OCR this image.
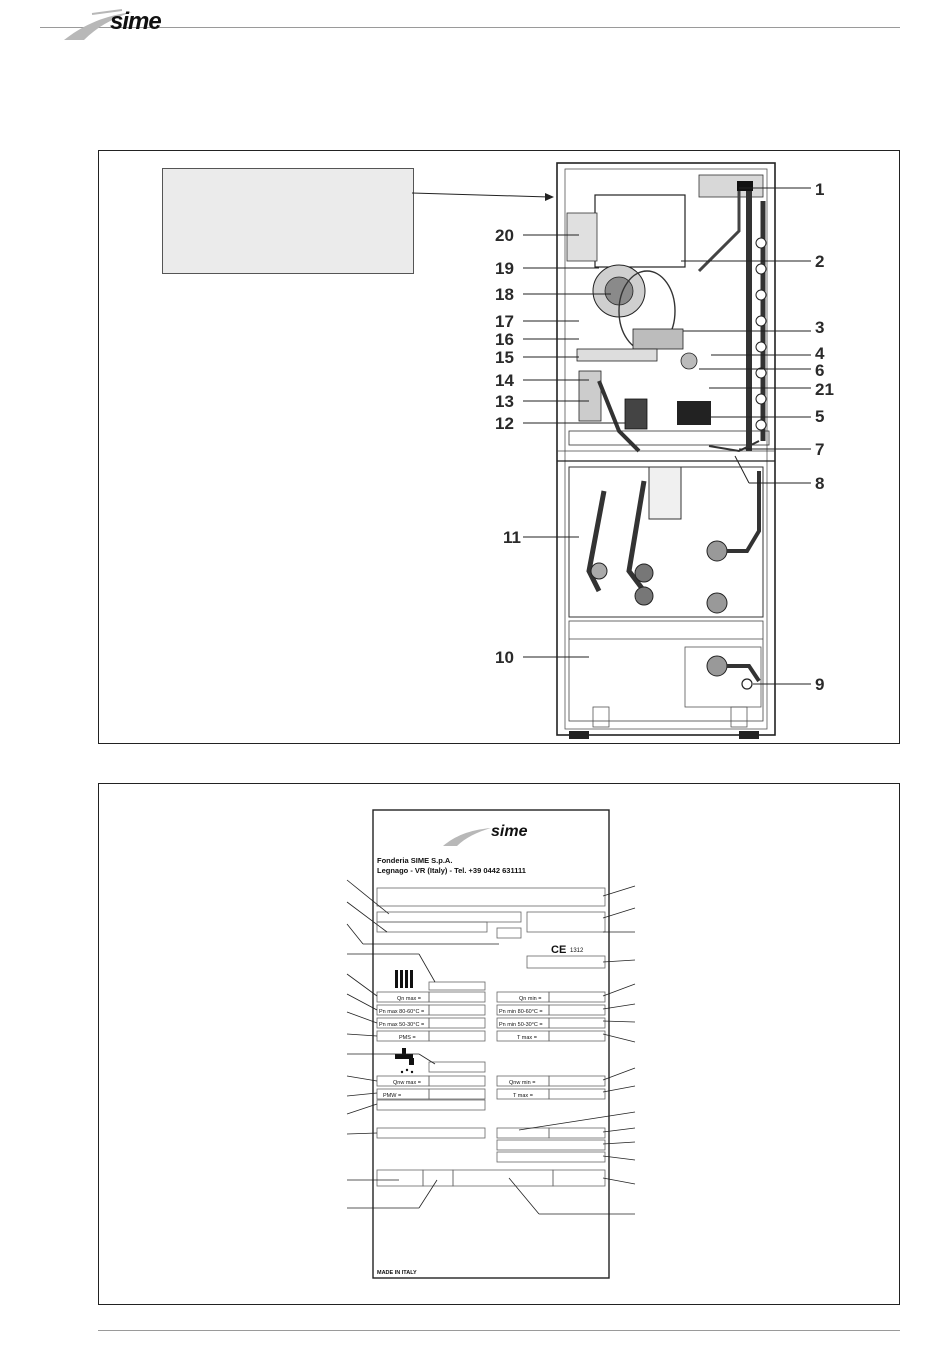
sime
1
2
3
4
6
21
5
7
8
9
20
19
18
17
16
15
14
13
12
11
10
sime
Fonderia SIME S.p.A.
Legnago - VR (Italy) - Tel. +39 0442 631111
CE 1312
Qn max =	Qn min =
Pn max 80-60°C =	Pn min 80-60°C =
Pn max 50-30°C =	Pn min 50-30°C =
PMS =	T max =
Qnw max =	Qnw min =
PMW =	T max =
MADE IN ITALY
